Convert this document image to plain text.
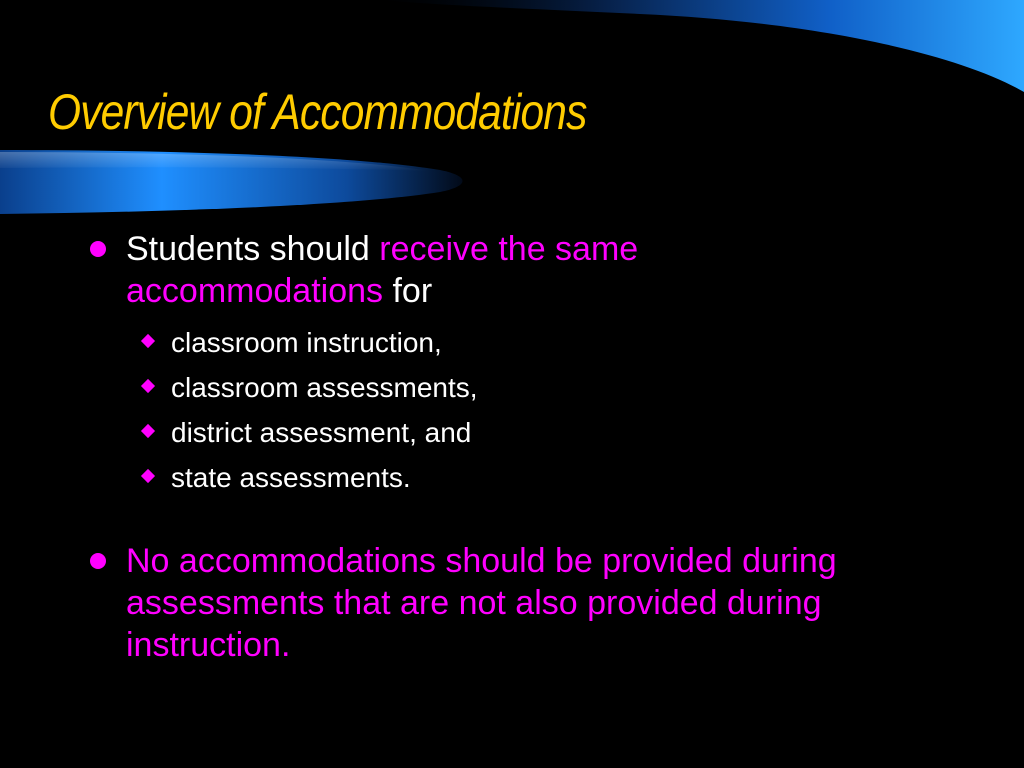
Overview of Accommodations
Students should receive the same accommodations for
classroom instruction,
classroom assessments,
district assessment, and
state assessments.
No accommodations should be provided during assessments that are not also provided during instruction.
